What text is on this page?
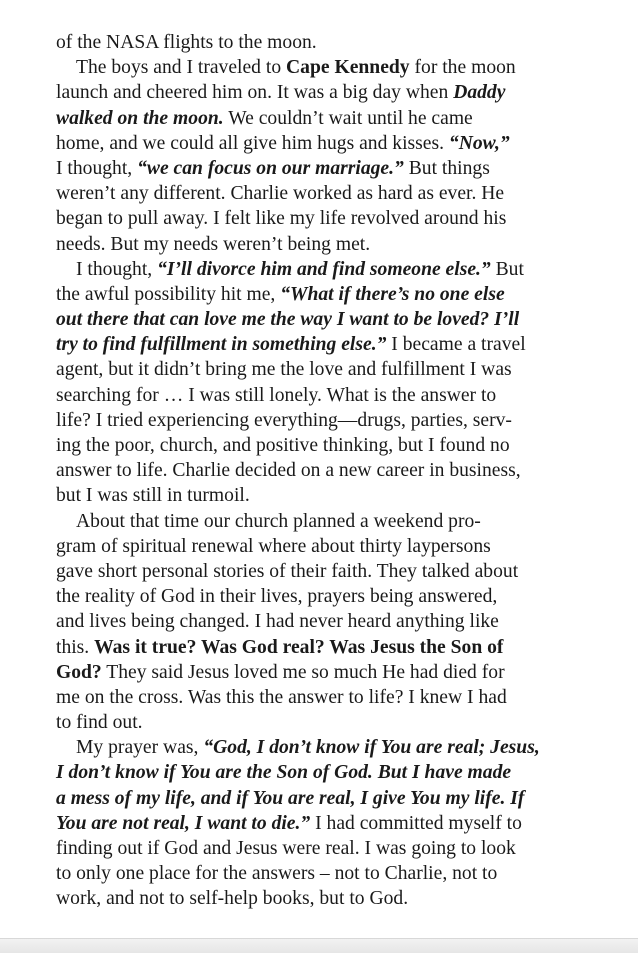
of the NASA flights to the moon.
The boys and I traveled to Cape Kennedy for the moon
launch and cheered him on. It was a big day when Daddy
walked on the moon. We couldn’t wait until he came
home, and we could all give him hugs and kisses. “Now,”
I thought, “we can focus on our marriage.” But things
weren’t any different. Charlie worked as hard as ever. He
began to pull away. I felt like my life revolved around his
needs. But my needs weren’t being met.
I thought, “I’ll divorce him and find someone else.” But
the awful possibility hit me, “What if there’s no one else
out there that can love me the way I want to be loved? I’ll
try to find fulfillment in something else.” I became a travel
agent, but it didn’t bring me the love and fulfillment I was
searching for … I was still lonely. What is the answer to
life? I tried experiencing everything—drugs, parties, serv-
ing the poor, church, and positive thinking, but I found no
answer to life. Charlie decided on a new career in business,
but I was still in turmoil.
About that time our church planned a weekend pro-
gram of spiritual renewal where about thirty laypersons
gave short personal stories of their faith. They talked about
the reality of God in their lives, prayers being answered,
and lives being changed. I had never heard anything like
this. Was it true? Was God real? Was Jesus the Son of
God? They said Jesus loved me so much He had died for
me on the cross. Was this the answer to life? I knew I had
to find out.
My prayer was, “God, I don’t know if You are real; Jesus,
I don’t know if You are the Son of God. But I have made
a mess of my life, and if You are real, I give You my life. If
You are not real, I want to die.” I had committed myself to
finding out if God and Jesus were real. I was going to look
to only one place for the answers – not to Charlie, not to
work, and not to self-help books, but to God.
